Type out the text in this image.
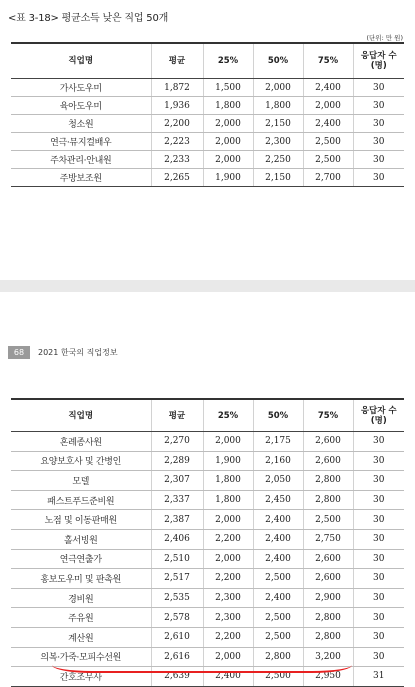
<표 3-18> 평균소득 낮은 직업 50개
(단위: 만 원)
직업명	평균	25%	50%	75%	응답자 수
(명)
가사도우미	1,872	1,500	2,000	2,400	30
육아도우미	1,936	1,800	1,800	2,000	30
청소원	2,200	2,000	2,150	2,400	30
연극·뮤지컬배우	2,223	2,000	2,300	2,500	30
주차관리·안내원	2,233	2,000	2,250	2,500	30
주방보조원	2,265	1,900	2,150	2,700	30
68	2021 한국의 직업정보
직업명	평균	25%	50%	75%	응답자 수
(명)
혼례종사원	2,270	2,000	2,175	2,600	30
요양보호사 및 간병인	2,289	1,900	2,160	2,600	30
모델	2,307	1,800	2,050	2,800	30
패스트푸드준비원	2,337	1,800	2,450	2,800	30
노점 및 이동판매원	2,387	2,000	2,400	2,500	30
홀서빙원	2,406	2,200	2,400	2,750	30
연극연출가	2,510	2,000	2,400	2,600	30
홍보도우미 및 판촉원	2,517	2,200	2,500	2,600	30
경비원	2,535	2,300	2,400	2,900	30
주유원	2,578	2,300	2,500	2,800	30
계산원	2,610	2,200	2,500	2,800	30
의복·가죽·모피수선원	2,616	2,000	2,800	3,200	30
간호조무사	2,639	2,400	2,500	2,950	31
